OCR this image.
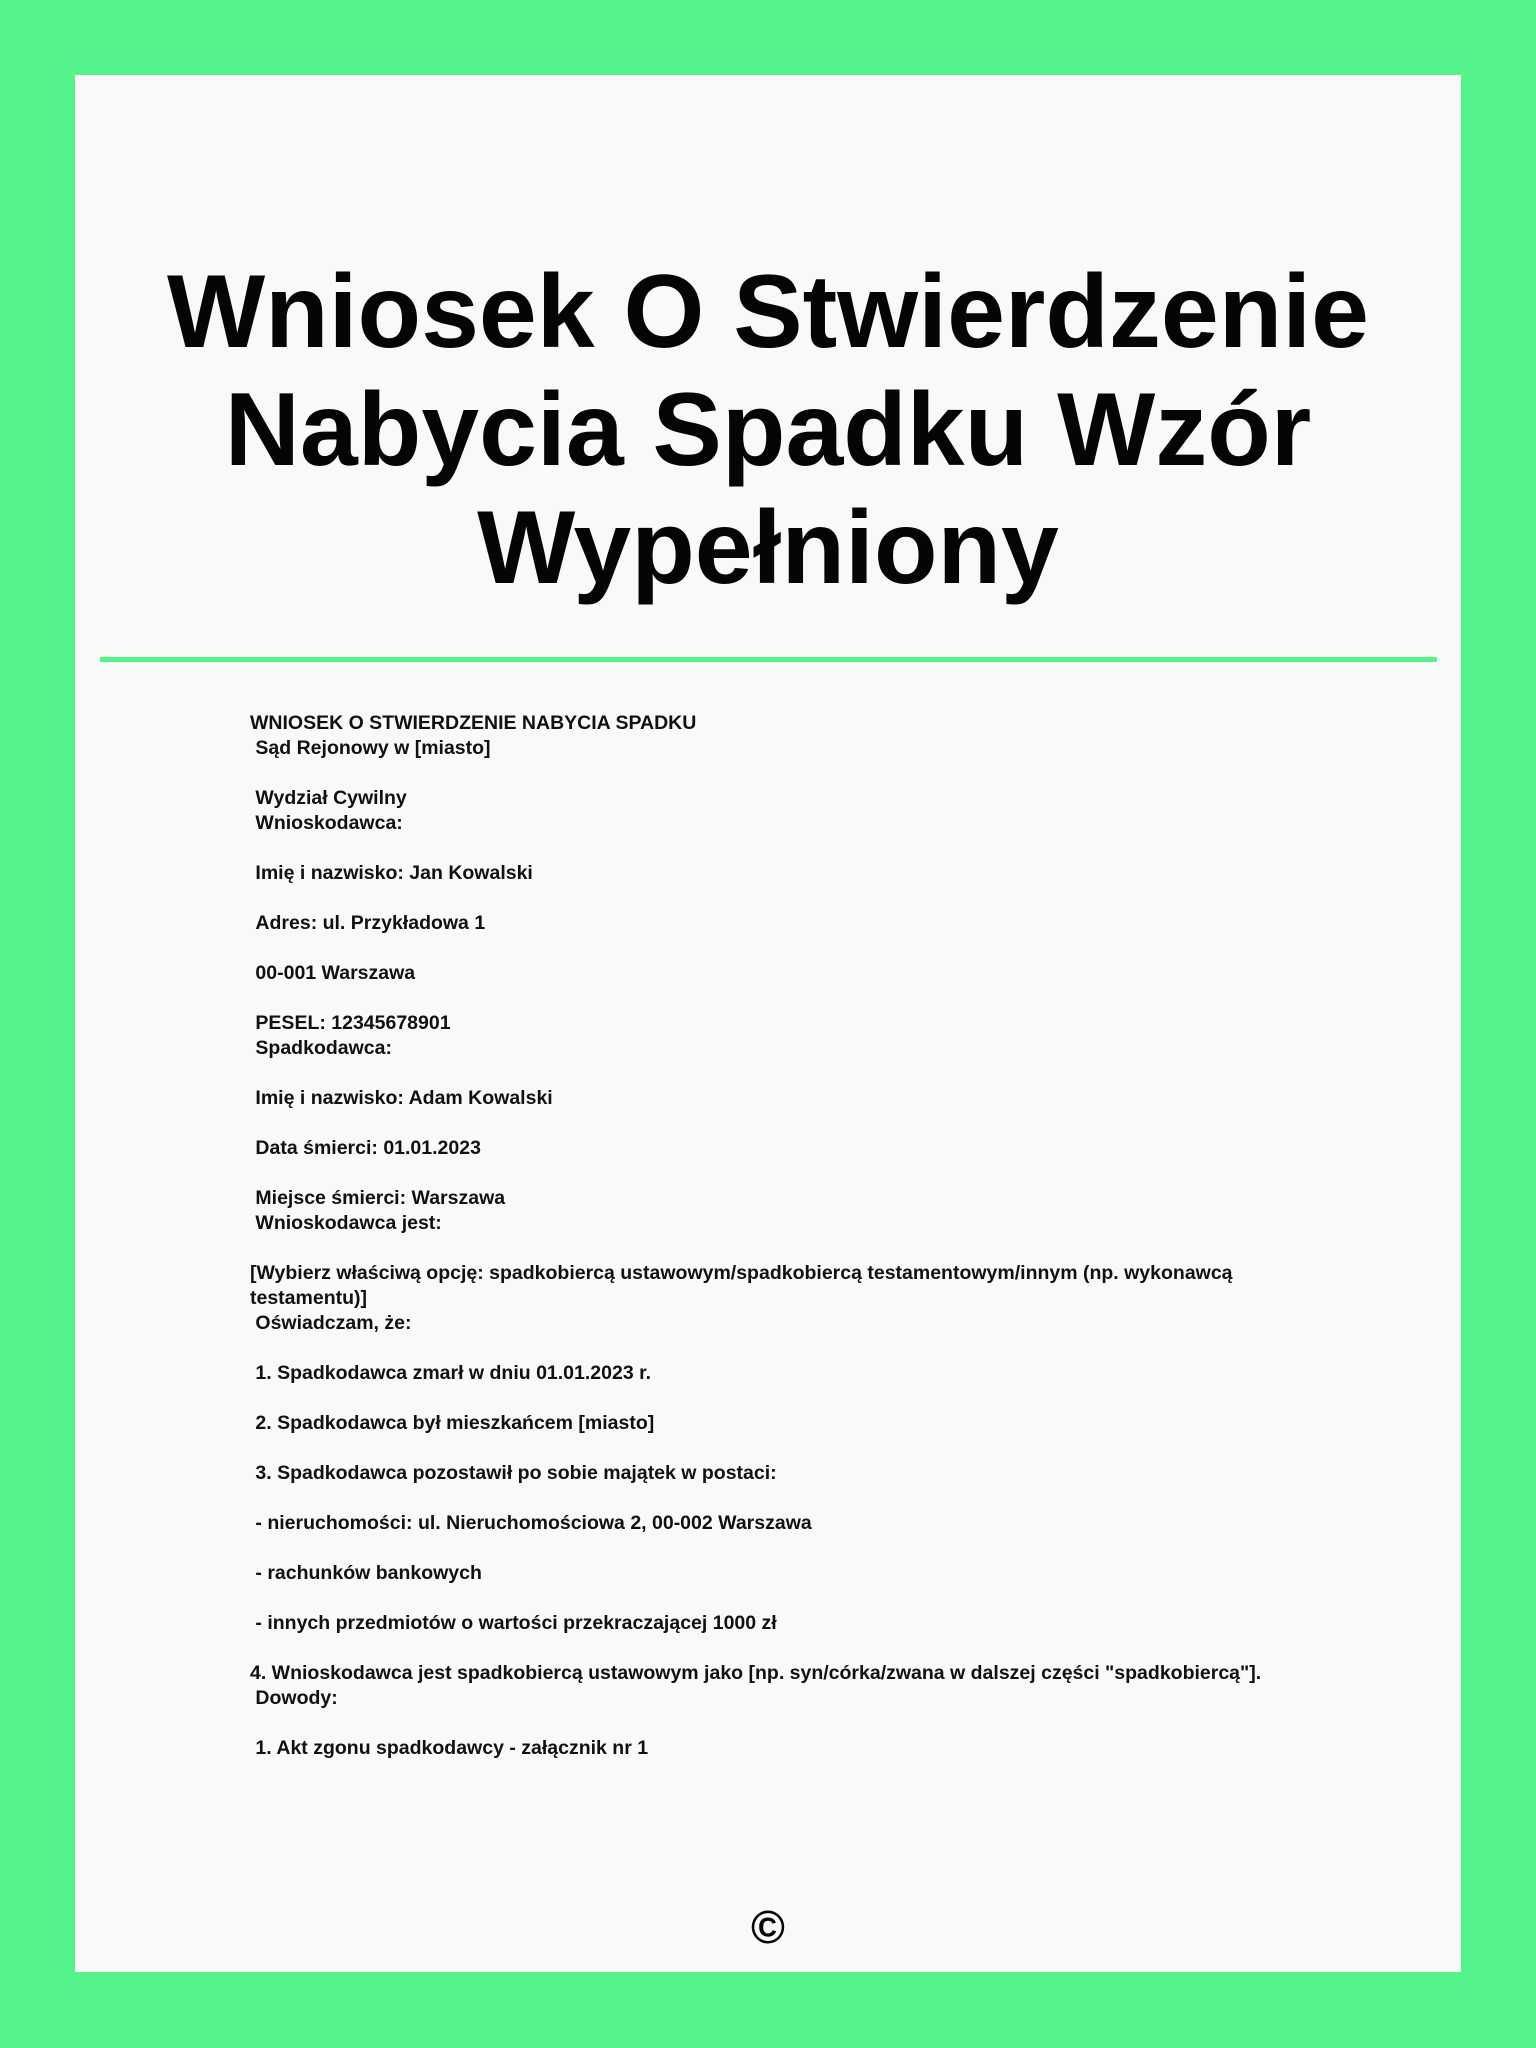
Wniosek O Stwierdzenie Nabycia Spadku Wzór Wypełniony

WNIOSEK O STWIERDZENIE NABYCIA SPADKU
Sąd Rejonowy w [miasto]

Wydział Cywilny
Wnioskodawca:

Imię i nazwisko: Jan Kowalski

Adres: ul. Przykładowa 1

00-001 Warszawa

PESEL: 12345678901
Spadkodawca:

Imię i nazwisko: Adam Kowalski

Data śmierci: 01.01.2023

Miejsce śmierci: Warszawa
Wnioskodawca jest:

[Wybierz właściwą opcję: spadkobiercą ustawowym/spadkobiercą testamentowym/innym (np. wykonawcą testamentu)]
Oświadczam, że:

1. Spadkodawca zmarł w dniu 01.01.2023 r.

2. Spadkodawca był mieszkańcem [miasto]

3. Spadkodawca pozostawił po sobie majątek w postaci:

- nieruchomości: ul. Nieruchomościowa 2, 00-002 Warszawa

- rachunków bankowych

- innych przedmiotów o wartości przekraczającej 1000 zł

4. Wnioskodawca jest spadkobiercą ustawowym jako [np. syn/córka/zwana w dalszej części "spadkobiercą"].
Dowody:

1. Akt zgonu spadkodawcy - załącznik nr 1

©
